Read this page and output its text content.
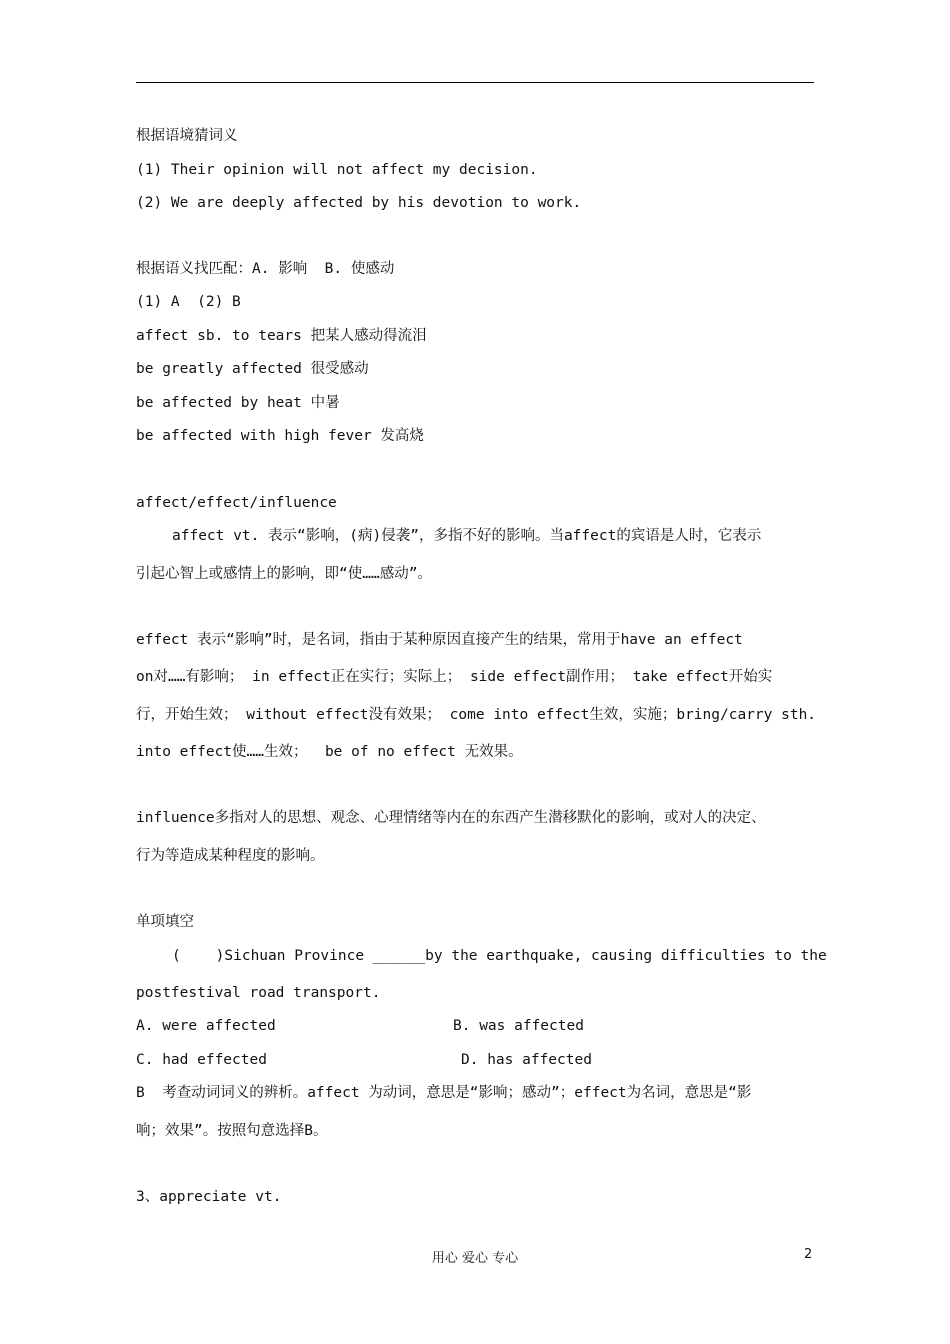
根据语境猜词义
(1) Their opinion will not affect my decision.
(2) We are deeply affected by his devotion to work.
根据语义找匹配：A. 影响  B. 使感动
(1) A  (2) B
affect sb. to tears 把某人感动得流泪
be greatly affected 很受感动
be affected by heat 中暑
be affected with high fever 发高烧
affect/effect/influence
affect vt. 表示“影响，(病)侵袭”，多指不好的影响。当affect的宾语是人时，它表示
引起心智上或感情上的影响，即“使……感动”。
effect 表示“影响”时，是名词，指由于某种原因直接产生的结果，常用于have an effect
on对……有影响； in effect正在实行；实际上； side effect副作用； take effect开始实
行，开始生效； without effect没有效果； come into effect生效，实施；bring/carry sth.
into effect使……生效；  be of no effect 无效果。
influence多指对人的思想、观念、心理情绪等内在的东西产生潜移默化的影响，或对人的决定、
行为等造成某种程度的影响。
单项填空
(    )Sichuan Province ______by the earthquake, causing difficulties to the
postfestival road transport.
A. were affected	B. was affected
C. had effected	D. has affected
B  考查动词词义的辨析。affect 为动词，意思是“影响；感动”；effect为名词，意思是“影
响；效果”。按照句意选择B。
3、appreciate vt.
用心 爱心 专心	2
